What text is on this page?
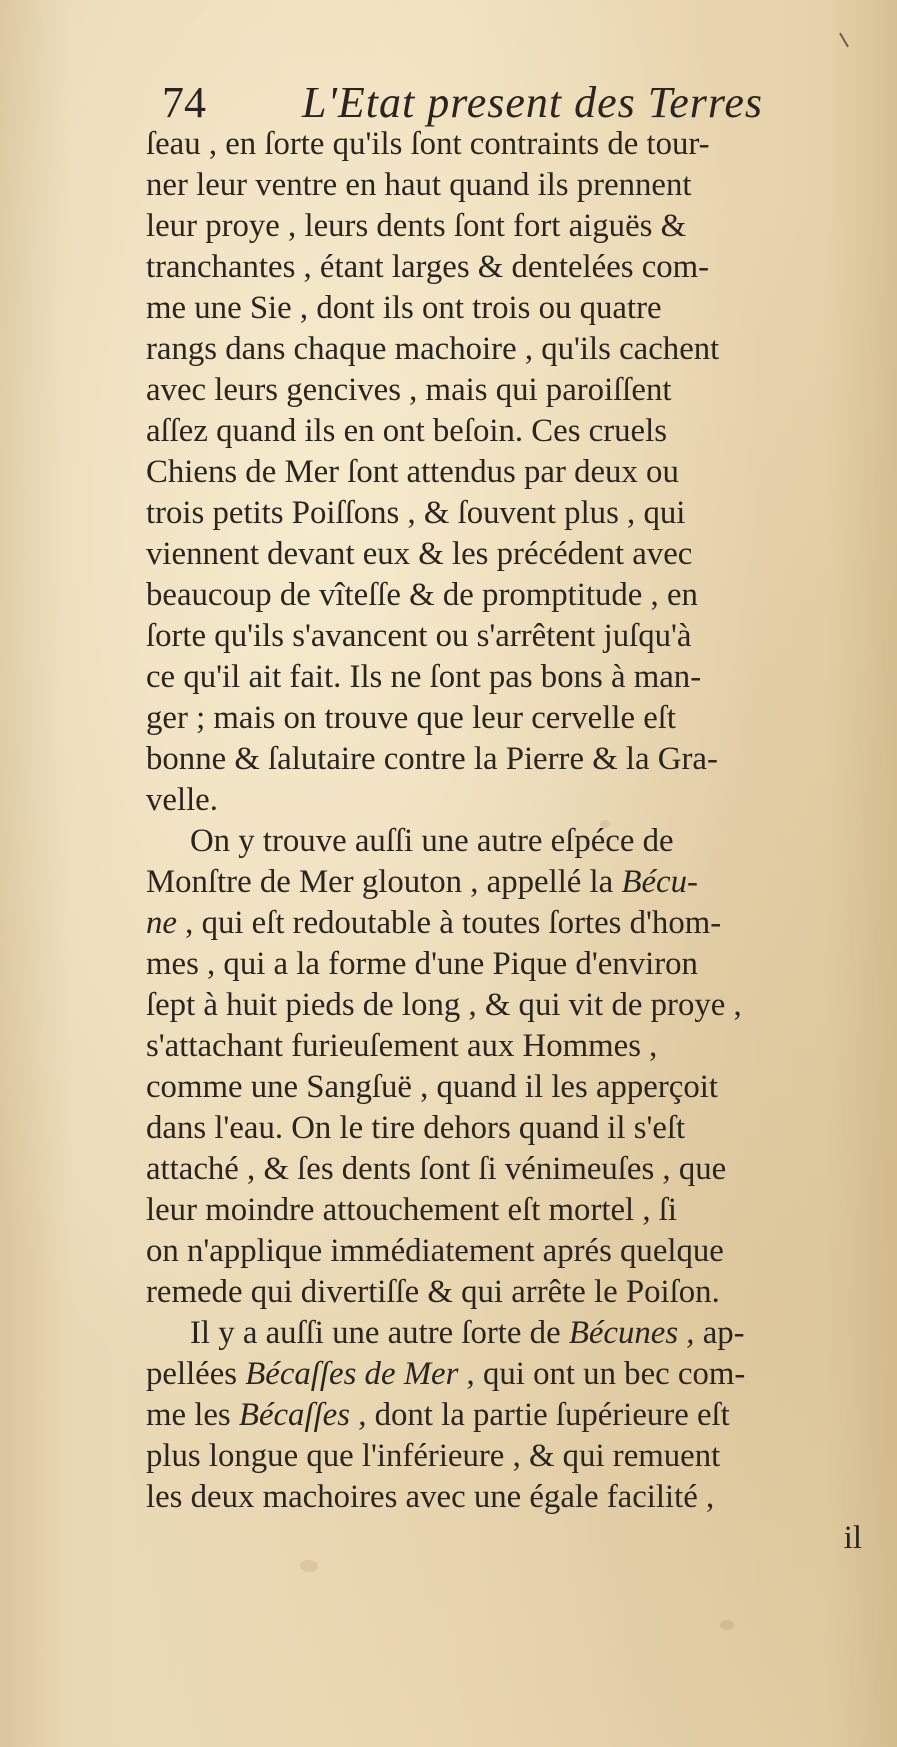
74 L'Etat present des Terres
ſeau , en ſorte qu'ils ſont contraints de tour-
ner leur ventre en haut quand ils prennent
leur proye , leurs dents ſont fort aiguës &
tranchantes , étant larges & dentelées com-
me une Sie , dont ils ont trois ou quatre
rangs dans chaque machoire , qu'ils cachent
avec leurs gencives , mais qui paroiſſent
aſſez quand ils en ont beſoin. Ces cruels
Chiens de Mer ſont attendus par deux ou
trois petits Poiſſons , & ſouvent plus , qui
viennent devant eux & les précédent avec
beaucoup de vîteſſe & de promptitude , en
ſorte qu'ils s'avancent ou s'arrêtent juſqu'à
ce qu'il ait fait. Ils ne ſont pas bons à man-
ger ; mais on trouve que leur cervelle eſt
bonne & ſalutaire contre la Pierre & la Gra-
velle.
On y trouve auſſi une autre eſpéce de
Monſtre de Mer glouton , appellé la Bécu-
ne , qui eſt redoutable à toutes ſortes d'hom-
mes , qui a la forme d'une Pique d'environ
ſept à huit pieds de long , & qui vit de proye ,
s'attachant furieuſement aux Hommes ,
comme une Sangſuë , quand il les apperçoit
dans l'eau. On le tire dehors quand il s'eſt
attaché , & ſes dents ſont ſi vénimeuſes , que
leur moindre attouchement eſt mortel , ſi
on n'applique immédiatement aprés quelque
remede qui divertiſſe & qui arrête le Poiſon.
Il y a auſſi une autre ſorte de Bécunes , ap-
pellées Bécaſſes de Mer , qui ont un bec com-
me les Bécaſſes , dont la partie ſupérieure eſt
plus longue que l'inférieure , & qui remuent
les deux machoires avec une égale facilité ,
il
